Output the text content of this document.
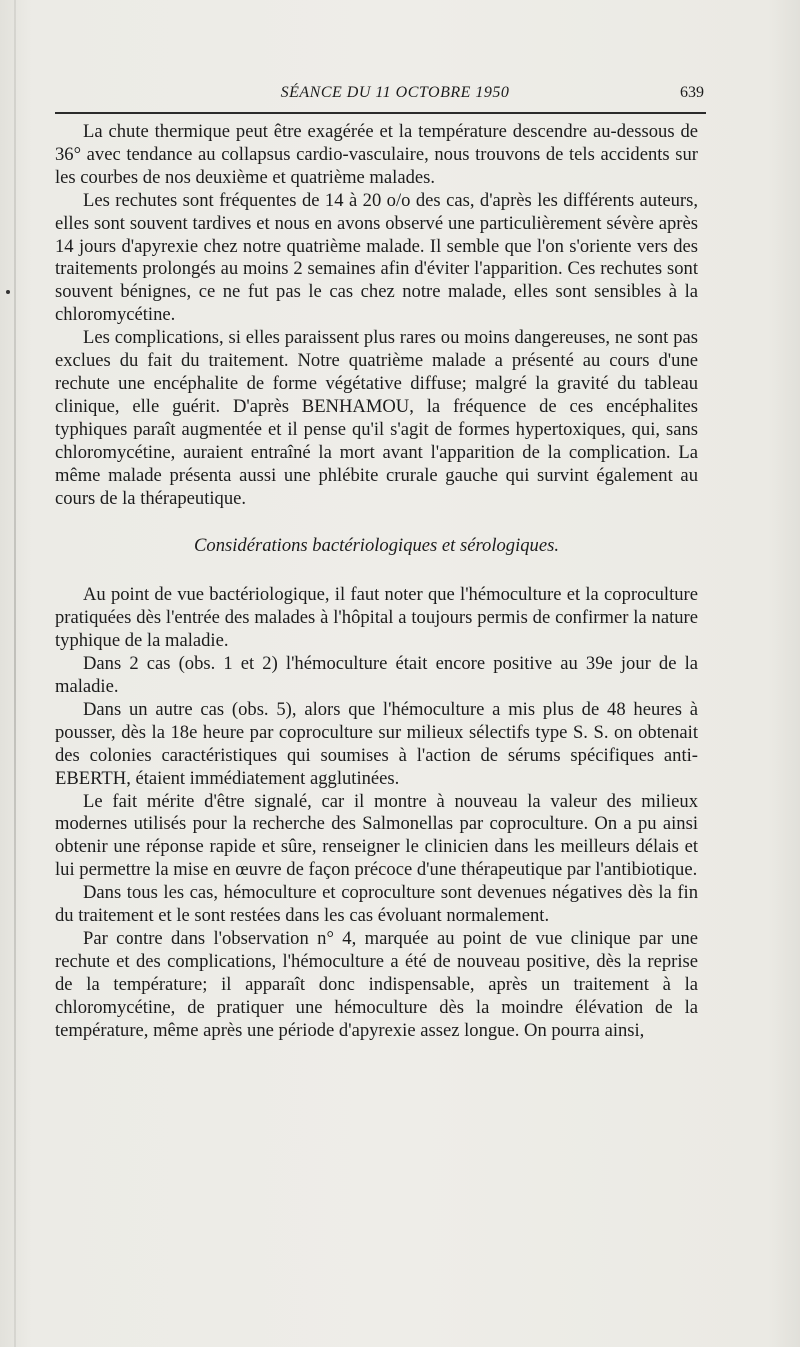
SÉANCE DU 11 OCTOBRE 1950	639

La chute thermique peut être exagérée et la température descendre au-dessous de 36° avec tendance au collapsus cardio-vasculaire, nous trouvons de tels accidents sur les courbes de nos deuxième et quatrième malades.

Les rechutes sont fréquentes de 14 à 20 o/o des cas, d'après les différents auteurs, elles sont souvent tardives et nous en avons observé une particulièrement sévère après 14 jours d'apyrexie chez notre quatrième malade. Il semble que l'on s'oriente vers des traitements prolongés au moins 2 semaines afin d'éviter l'apparition. Ces rechutes sont souvent bénignes, ce ne fut pas le cas chez notre malade, elles sont sensibles à la chloromycétine.

Les complications, si elles paraissent plus rares ou moins dangereuses, ne sont pas exclues du fait du traitement. Notre quatrième malade a présenté au cours d'une rechute une encéphalite de forme végétative diffuse; malgré la gravité du tableau clinique, elle guérit. D'après BENHAMOU, la fréquence de ces encéphalites typhiques paraît augmentée et il pense qu'il s'agit de formes hypertoxiques, qui, sans chloromycétine, auraient entraîné la mort avant l'apparition de la complication. La même malade présenta aussi une phlébite crurale gauche qui survint également au cours de la thérapeutique.

Considérations bactériologiques et sérologiques.

Au point de vue bactériologique, il faut noter que l'hémoculture et la coproculture pratiquées dès l'entrée des malades à l'hôpital a toujours permis de confirmer la nature typhique de la maladie.

Dans 2 cas (obs. 1 et 2) l'hémoculture était encore positive au 39e jour de la maladie.

Dans un autre cas (obs. 5), alors que l'hémoculture a mis plus de 48 heures à pousser, dès la 18e heure par coproculture sur milieux sélectifs type S. S. on obtenait des colonies caractéristiques qui soumises à l'action de sérums spécifiques anti-EBERTH, étaient immédiatement agglutinées.

Le fait mérite d'être signalé, car il montre à nouveau la valeur des milieux modernes utilisés pour la recherche des Salmonellas par coproculture. On a pu ainsi obtenir une réponse rapide et sûre, renseigner le clinicien dans les meilleurs délais et lui permettre la mise en œuvre de façon précoce d'une thérapeutique par l'antibiotique.

Dans tous les cas, hémoculture et coproculture sont devenues négatives dès la fin du traitement et le sont restées dans les cas évoluant normalement.

Par contre dans l'observation n° 4, marquée au point de vue clinique par une rechute et des complications, l'hémoculture a été de nouveau positive, dès la reprise de la température; il apparaît donc indispensable, après un traitement à la chloromycétine, de pratiquer une hémoculture dès la moindre élévation de la température, même après une période d'apyrexie assez longue. On pourra ainsi,
